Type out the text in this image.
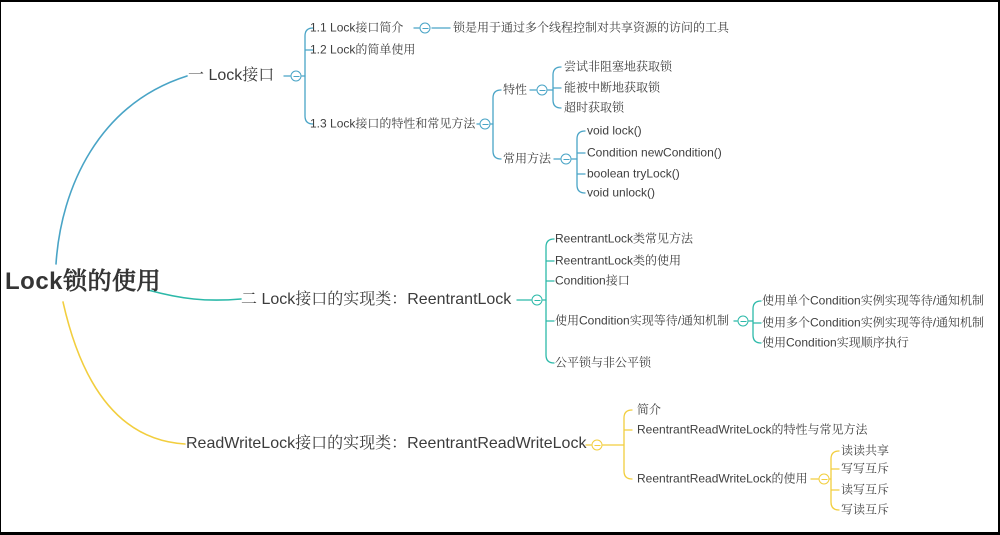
Lock锁的使用
一 Lock接口
1.1 Lock接口简介	锁是用于通过多个线程控制对共享资源的访问的工具
1.2 Lock的简单使用
1.3 Lock接口的特性和常见方法
特性
尝试非阻塞地获取锁
能被中断地获取锁
超时获取锁
常用方法
void lock()
Condition newCondition()
boolean tryLock()
void unlock()
二 Lock接口的实现类：ReentrantLock
ReentrantLock类常见方法
ReentrantLock类的使用
Condition接口
使用Condition实现等待/通知机制
使用单个Condition实例实现等待/通知机制
使用多个Condition实例实现等待/通知机制
使用Condition实现顺序执行
公平锁与非公平锁
ReadWriteLock接口的实现类：ReentrantReadWriteLock
简介
ReentrantReadWriteLock的特性与常见方法
ReentrantReadWriteLock的使用
读读共享
写写互斥
读写互斥
写读互斥
